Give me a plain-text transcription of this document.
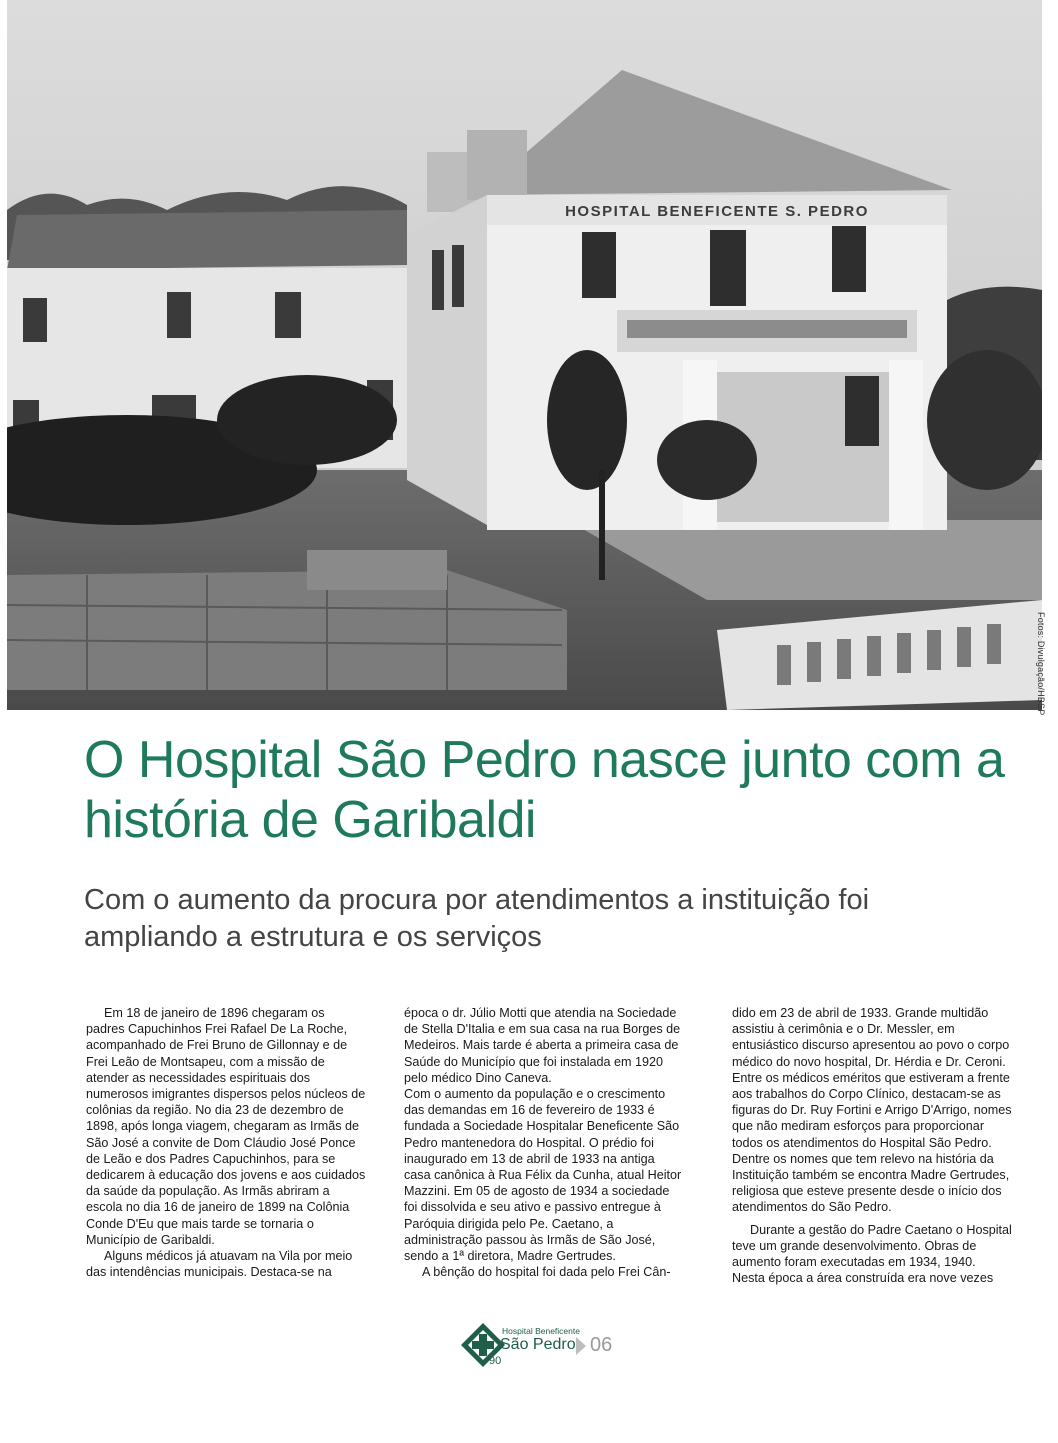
HOSPITAL BENEFICENTE S. PEDRO
Fotos: Divulgação/HBSP
O Hospital São Pedro nasce junto com a história de Garibaldi
Com o aumento da procura por atendimentos a instituição foi ampliando a estrutura e os serviços

Em 18 de janeiro de 1896 chegaram os padres Capuchinhos Frei Rafael De La Roche, acompanhado de Frei Bruno de Gillonnay e de Frei Leão de Montsapeu, com a missão de atender as necessidades espirituais dos numerosos imigrantes dispersos pelos núcleos de colônias da região. No dia 23 de dezembro de 1898, após longa viagem, chegaram as Irmãs de São José a convite de Dom Cláudio José Ponce de Leão e dos Padres Capuchinhos, para se dedicarem à educação dos jovens e aos cuidados da saúde da população. As Irmãs abriram a escola no dia 16 de janeiro de 1899 na Colônia Conde D'Eu que mais tarde se tornaria o Município de Garibaldi.

Alguns médicos já atuavam na Vila por meio das intendências municipais. Destaca-se na

época o dr. Júlio Motti que atendia na Sociedade de Stella D'Italia e em sua casa na rua Borges de Medeiros. Mais tarde é aberta a primeira casa de Saúde do Município que foi instalada em 1920 pelo médico Dino Caneva.

Com o aumento da população e o crescimento das demandas em 16 de fevereiro de 1933 é fundada a Sociedade Hospitalar Beneficente São Pedro mantenedora do Hospital. O prédio foi inaugurado em 13 de abril de 1933 na antiga casa canônica à Rua Félix da Cunha, atual Heitor Mazzini. Em 05 de agosto de 1934 a sociedade foi dissolvida e seu ativo e passivo entregue à Paróquia dirigida pelo Pe. Caetano, a administração passou às Irmãs de São José, sendo a 1ª diretora, Madre Gertrudes.

A bênção do hospital foi dada pelo Frei Cân-

dido em 23 de abril de 1933. Grande multidão assistiu à cerimônia e o Dr. Messler, em entusiástico discurso apresentou ao povo o corpo médico do novo hospital, Dr. Hérdia e Dr. Ceroni. Entre os médicos eméritos que estiveram a frente aos trabalhos do Corpo Clínico, destacam-se as figuras do Dr. Ruy Fortini e Arrigo D'Arrigo, nomes que não mediram esforços para proporcionar todos os atendimentos do Hospital São Pedro. Dentre os nomes que tem relevo na história da Instituição também se encontra Madre Gertrudes, religiosa que esteve presente desde o início dos atendimentos do São Pedro.

Durante a gestão do Padre Caetano o Hospital teve um grande desenvolvimento. Obras de aumento foram executadas em 1934, 1940. Nesta época a área construída era nove vezes

90
Hospital Beneficente
São Pedro 06
